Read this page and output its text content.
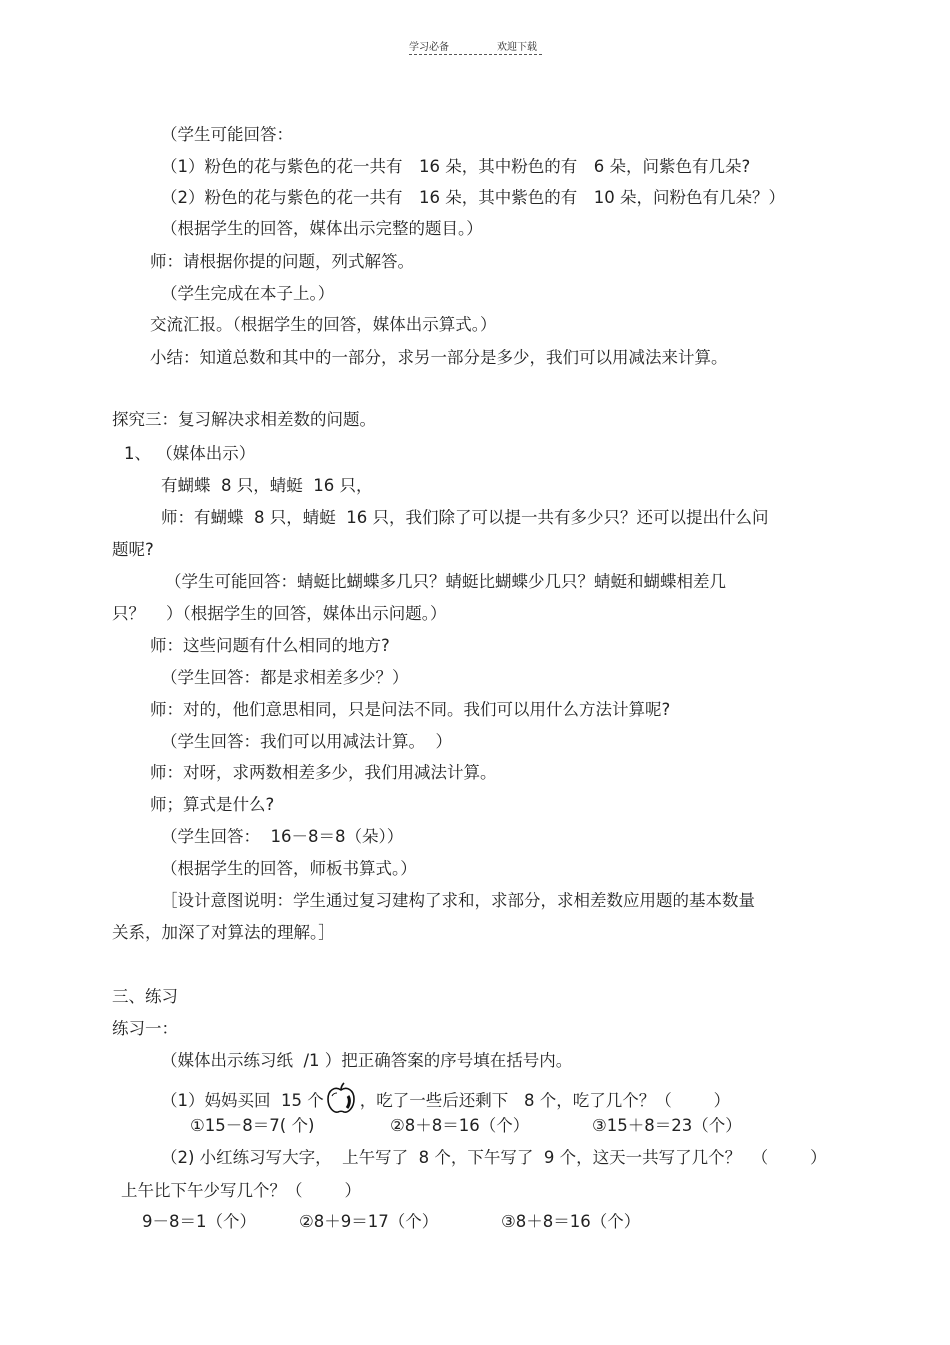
学习必备	欢迎下载
（学生可能回答：
（1）粉色的花与紫色的花一共有　16 朵，其中粉色的有　6 朵，问紫色有几朵?
（2）粉色的花与紫色的花一共有　16 朵，其中紫色的有　10 朵，问粉色有几朵？）
（根据学生的回答，媒体出示完整的题目。）
师：请根据你提的问题，列式解答。
（学生完成在本子上。）
交流汇报。（根据学生的回答，媒体出示算式。）
小结：知道总数和其中的一部分，求另一部分是多少，我们可以用减法来计算。
探究三：复习解决求相差数的问题。
1、 （媒体出示）
有蝴蝶  8 只，蜻蜓  16 只，
师：有蝴蝶  8 只，蜻蜓  16 只，我们除了可以提一共有多少只？还可以提出什么问
题呢?
（学生可能回答：蜻蜓比蝴蝶多几只？蜻蜓比蝴蝶少几只？蜻蜓和蝴蝶相差几
只？    ）（根据学生的回答，媒体出示问题。）
师：这些问题有什么相同的地方?
（学生回答：都是求相差多少？）
师：对的，他们意思相同，只是问法不同。我们可以用什么方法计算呢?
（学生回答：我们可以用减法计算。  ）
师：对呀，求两数相差多少，我们用减法计算。
师；算式是什么?
（学生回答：  16－8＝8（朵））
（根据学生的回答，师板书算式。）
［设计意图说明：学生通过复习建构了求和，求部分，求相差数应用题的基本数量
关系，加深了对算法的理解。］
三、练习
练习一：
（媒体出示练习纸  /1 ）把正确答案的序号填在括号内。
（1）妈妈买回  15 个 ，吃了一些后还剩下   8 个，吃了几个？（        ）
①15－8＝7( 个)	②8＋8＝16（个）	③15＋8＝23（个）
（2) 小红练习写大字，  上午写了  8 个，下午写了  9 个，这天一共写了几个？  （        ）
上午比下午少写几个？（        ）
9－8＝1（个）	②8＋9＝17（个）	③8＋8＝16（个）
